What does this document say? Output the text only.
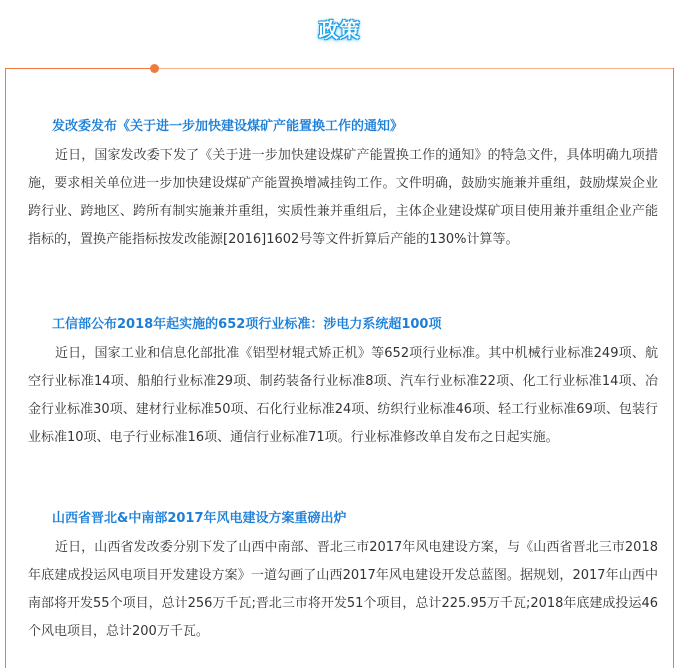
政策
发改委发布《关于进一步加快建设煤矿产能置换工作的通知》

近日，国家发改委下发了《关于进一步加快建设煤矿产能置换工作的通知》的特急文件，具体明确九项措施，要求相关单位进一步加快建设煤矿产能置换增减挂钩工作。文件明确，鼓励实施兼并重组，鼓励煤炭企业跨行业、跨地区、跨所有制实施兼并重组，实质性兼并重组后，主体企业建设煤矿项目使用兼并重组企业产能指标的，置换产能指标按发改能源[2016]1602号等文件折算后产能的130%计算等。

工信部公布2018年起实施的652项行业标准：涉电力系统超100项

近日，国家工业和信息化部批准《铝型材辊式矫正机》等652项行业标准。其中机械行业标准249项、航空行业标准14项、船舶行业标准29项、制药装备行业标准8项、汽车行业标准22项、化工行业标准14项、冶金行业标准30项、建材行业标准50项、石化行业标准24项、纺织行业标准46项、轻工行业标准69项、包装行业标准10项、电子行业标准16项、通信行业标准71项。行业标准修改单自发布之日起实施。

山西省晋北&中南部2017年风电建设方案重磅出炉

近日，山西省发改委分别下发了山西中南部、晋北三市2017年风电建设方案，与《山西省晋北三市2018年底建成投运风电项目开发建设方案》一道勾画了山西2017年风电建设开发总蓝图。据规划，2017年山西中南部将开发55个项目，总计256万千瓦;晋北三市将开发51个项目，总计225.95万千瓦;2018年底建成投运46个风电项目，总计200万千瓦。
